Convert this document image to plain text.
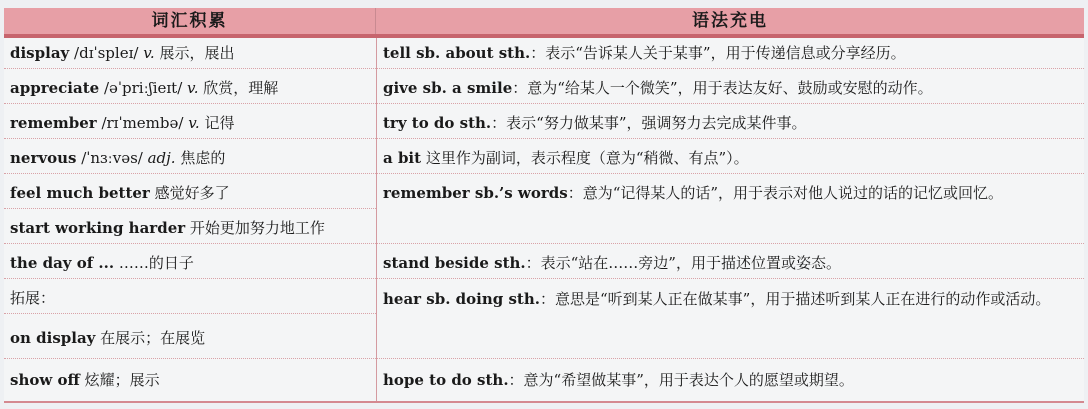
词汇积累	语法充电
display /dɪˈspleɪ/ v. 展示，展出
appreciate /əˈpriːʃieɪt/ v. 欣赏，理解
remember /rɪˈmembə/ v. 记得
nervous /ˈnɜːvəs/ adj. 焦虑的
feel much better 感觉好多了
start working harder 开始更加努力地工作
the day of ... ……的日子
拓展：
on display 在展示；在展览
show off 炫耀；展示
tell sb. about sth.：表示“告诉某人关于某事”，用于传递信息或分享经历。
give sb. a smile：意为“给某人一个微笑”，用于表达友好、鼓励或安慰的动作。
try to do sth.：表示“努力做某事”，强调努力去完成某件事。
a bit 这里作为副词，表示程度（意为“稍微、有点”）。
remember sb.’s words：意为“记得某人的话”，用于表示对他人说过的话的记忆或回忆。
stand beside sth.：表示“站在……旁边”，用于描述位置或姿态。
hear sb. doing sth.：意思是“听到某人正在做某事”，用于描述听到某人正在进行的动作或活动。
hope to do sth.：意为“希望做某事”，用于表达个人的愿望或期望。
